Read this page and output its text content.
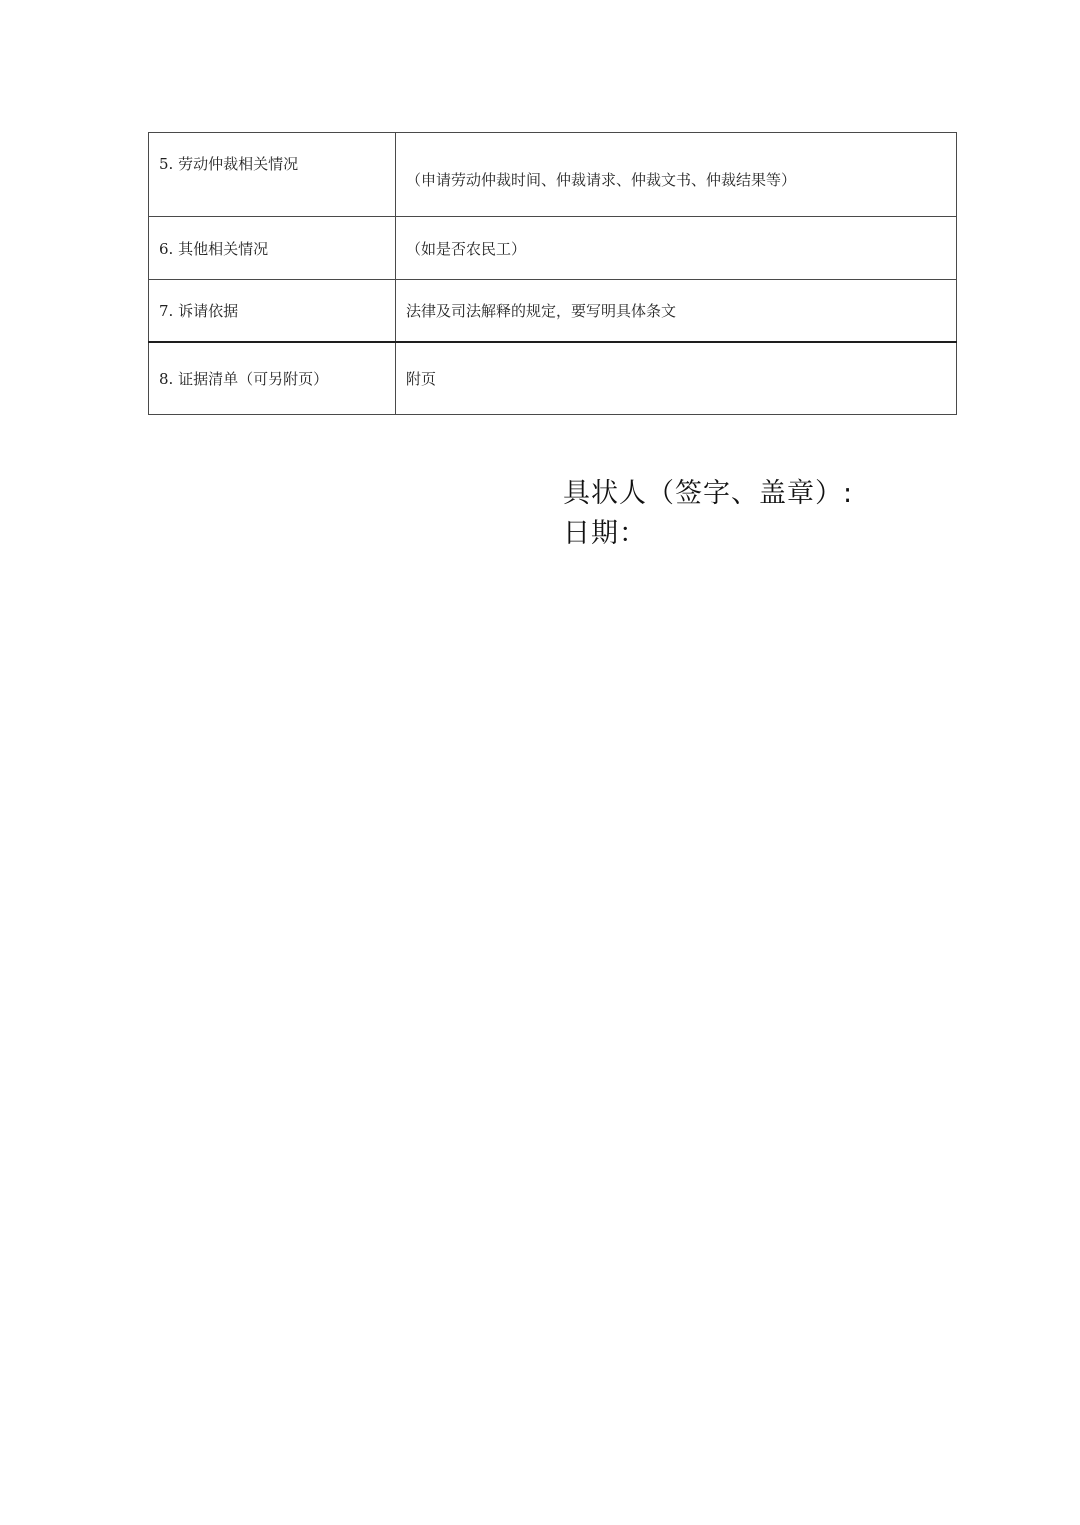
5. 劳动仲裁相关情况	（申请劳动仲裁时间、仲裁请求、仲裁文书、仲裁结果等）
6. 其他相关情况	（如是否农民工）
7. 诉请依据	法律及司法解释的规定，要写明具体条文
8. 证据清单（可另附页）	附页
具状人（签字、盖章）:
日期：
